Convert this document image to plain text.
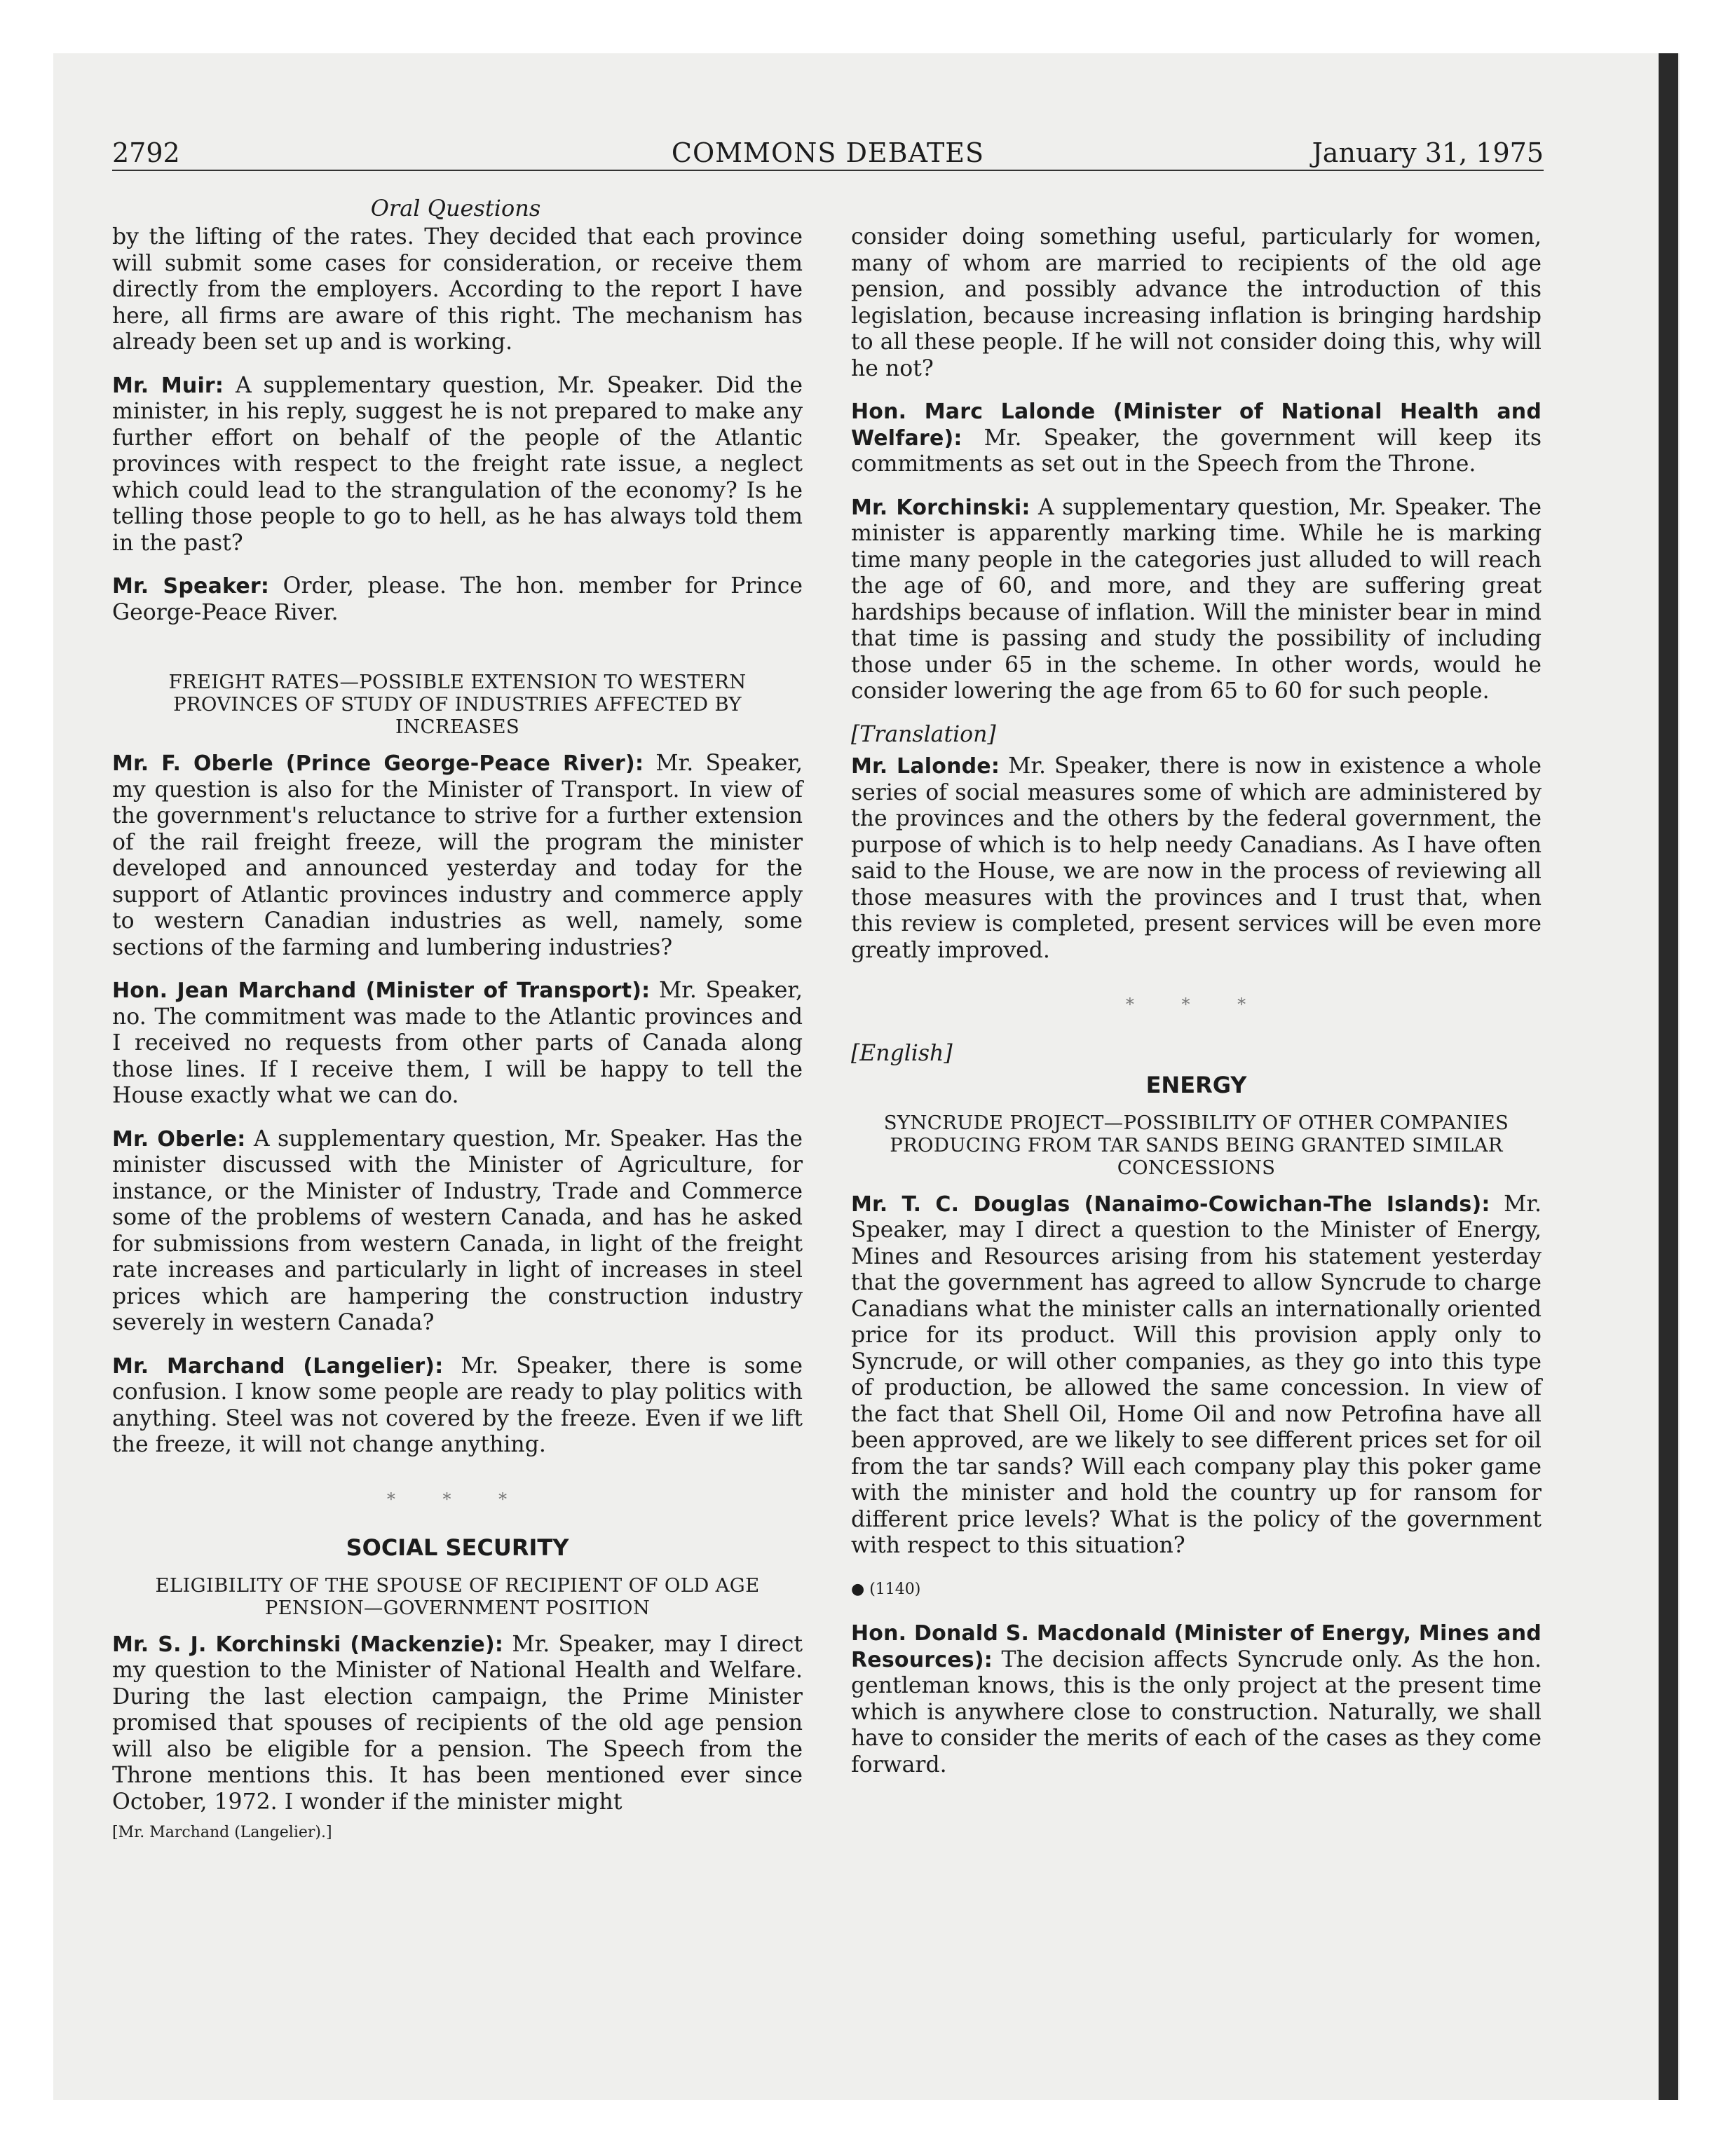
2792	COMMONS DEBATES	January 31, 1975
Oral Questions

by the lifting of the rates. They decided that each province will submit some cases for consideration, or receive them directly from the employers. According to the report I have here, all firms are aware of this right. The mechanism has already been set up and is working.

Mr. Muir: A supplementary question, Mr. Speaker. Did the minister, in his reply, suggest he is not prepared to make any further effort on behalf of the people of the Atlantic provinces with respect to the freight rate issue, a neglect which could lead to the strangulation of the economy? Is he telling those people to go to hell, as he has always told them in the past?

Mr. Speaker: Order, please. The hon. member for Prince George-Peace River.

FREIGHT RATES—POSSIBLE EXTENSION TO WESTERN PROVINCES OF STUDY OF INDUSTRIES AFFECTED BY INCREASES

Mr. F. Oberle (Prince George-Peace River): Mr. Speaker, my question is also for the Minister of Transport. In view of the government's reluctance to strive for a further extension of the rail freight freeze, will the program the minister developed and announced yesterday and today for the support of Atlantic provinces industry and commerce apply to western Canadian industries as well, namely, some sections of the farming and lumbering industries?

Hon. Jean Marchand (Minister of Transport): Mr. Speaker, no. The commitment was made to the Atlantic provinces and I received no requests from other parts of Canada along those lines. If I receive them, I will be happy to tell the House exactly what we can do.

Mr. Oberle: A supplementary question, Mr. Speaker. Has the minister discussed with the Minister of Agriculture, for instance, or the Minister of Industry, Trade and Commerce some of the problems of western Canada, and has he asked for submissions from western Canada, in light of the freight rate increases and particularly in light of increases in steel prices which are hampering the construction industry severely in western Canada?

Mr. Marchand (Langelier): Mr. Speaker, there is some confusion. I know some people are ready to play politics with anything. Steel was not covered by the freeze. Even if we lift the freeze, it will not change anything.

* * *
SOCIAL SECURITY
ELIGIBILITY OF THE SPOUSE OF RECIPIENT OF OLD AGE PENSION—GOVERNMENT POSITION

Mr. S. J. Korchinski (Mackenzie): Mr. Speaker, may I direct my question to the Minister of National Health and Welfare. During the last election campaign, the Prime Minister promised that spouses of recipients of the old age pension will also be eligible for a pension. The Speech from the Throne mentions this. It has been mentioned ever since October, 1972. I wonder if the minister might

[Mr. Marchand (Langelier).]

consider doing something useful, particularly for women, many of whom are married to recipients of the old age pension, and possibly advance the introduction of this legislation, because increasing inflation is bringing hardship to all these people. If he will not consider doing this, why will he not?

Hon. Marc Lalonde (Minister of National Health and Welfare): Mr. Speaker, the government will keep its commitments as set out in the Speech from the Throne.

Mr. Korchinski: A supplementary question, Mr. Speaker. The minister is apparently marking time. While he is marking time many people in the categories just alluded to will reach the age of 60, and more, and they are suffering great hardships because of inflation. Will the minister bear in mind that time is passing and study the possibility of including those under 65 in the scheme. In other words, would he consider lowering the age from 65 to 60 for such people.

[Translation]

Mr. Lalonde: Mr. Speaker, there is now in existence a whole series of social measures some of which are administered by the provinces and the others by the federal government, the purpose of which is to help needy Canadians. As I have often said to the House, we are now in the process of reviewing all those measures with the provinces and I trust that, when this review is completed, present services will be even more greatly improved.

* * *
[English]
ENERGY
SYNCRUDE PROJECT—POSSIBILITY OF OTHER COMPANIES PRODUCING FROM TAR SANDS BEING GRANTED SIMILAR CONCESSIONS

Mr. T. C. Douglas (Nanaimo-Cowichan-The Islands): Mr. Speaker, may I direct a question to the Minister of Energy, Mines and Resources arising from his statement yesterday that the government has agreed to allow Syncrude to charge Canadians what the minister calls an internationally oriented price for its product. Will this provision apply only to Syncrude, or will other companies, as they go into this type of production, be allowed the same concession. In view of the fact that Shell Oil, Home Oil and now Petrofina have all been approved, are we likely to see different prices set for oil from the tar sands? Will each company play this poker game with the minister and hold the country up for ransom for different price levels? What is the policy of the government with respect to this situation?

● (1140)

Hon. Donald S. Macdonald (Minister of Energy, Mines and Resources): The decision affects Syncrude only. As the hon. gentleman knows, this is the only project at the present time which is anywhere close to construction. Naturally, we shall have to consider the merits of each of the cases as they come forward.
